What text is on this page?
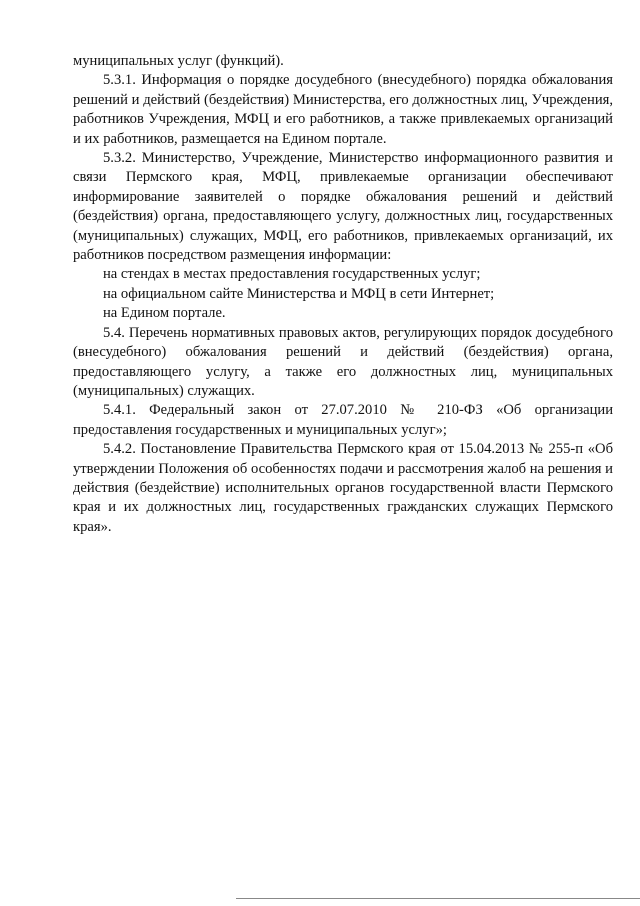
муниципальных услуг (функций).

5.3.1. Информация о порядке досудебного (внесудебного) порядка обжалования решений и действий (бездействия) Министерства, его должностных лиц, Учреждения, работников Учреждения, МФЦ и его работников, а также привлекаемых организаций и их работников, размещается на Едином портале.

5.3.2. Министерство, Учреждение, Министерство информационного развития и связи Пермского края, МФЦ, привлекаемые организации обеспечивают информирование заявителей о порядке обжалования решений и действий (бездействия) органа, предоставляющего услугу, должностных лиц, государственных (муниципальных) служащих, МФЦ, его работников, привлекаемых организаций, их работников посредством размещения информации:

на стендах в местах предоставления государственных услуг;

на официальном сайте Министерства и МФЦ в сети Интернет;

на Едином портале.

5.4. Перечень нормативных правовых актов, регулирующих порядок досудебного (внесудебного) обжалования решений и действий (бездействия) органа, предоставляющего услугу, а также его должностных лиц, муниципальных (муниципальных) служащих.

5.4.1. Федеральный закон от 27.07.2010 № 210-ФЗ «Об организации предоставления государственных и муниципальных услуг»;

5.4.2. Постановление Правительства Пермского края от 15.04.2013 № 255-п «Об утверждении Положения об особенностях подачи и рассмотрения жалоб на решения и действия (бездействие) исполнительных органов государственной власти Пермского края и их должностных лиц, государственных гражданских служащих Пермского края».
